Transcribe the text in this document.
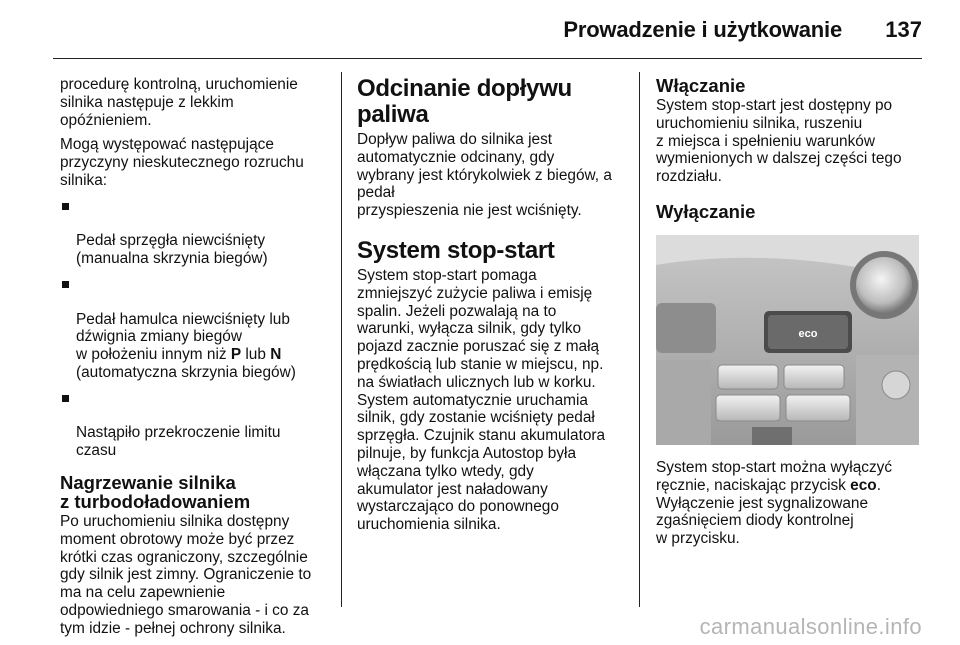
Prowadzenie i użytkowanie 137

procedurę kontrolną, uruchomienie
silnika następuje z lekkim
opóźnieniem.

Mogą występować następujące
przyczyny nieskutecznego rozruchu
silnika:

Pedał sprzęgła niewciśnięty
(manualna skrzynia biegów)

Pedał hamulca niewciśnięty lub
dźwignia zmiany biegów
w położeniu innym niż P lub N
(automatyczna skrzynia biegów)

Nastąpiło przekroczenie limitu
czasu

Nagrzewanie silnika
z turbodoładowaniem

Po uruchomieniu silnika dostępny
moment obrotowy może być przez
krótki czas ograniczony, szczególnie
gdy silnik jest zimny. Ograniczenie to
ma na celu zapewnienie
odpowiedniego smarowania - i co za
tym idzie - pełnej ochrony silnika.

Odcinanie dopływu paliwa

Dopływ paliwa do silnika jest
automatycznie odcinany, gdy
wybrany jest którykolwiek z biegów, a pedał
przyspieszenia nie jest wciśnięty.

System stop-start

System stop-start pomaga
zmniejszyć zużycie paliwa i emisję
spalin. Jeżeli pozwalają na to
warunki, wyłącza silnik, gdy tylko
pojazd zacznie poruszać się z małą
prędkością lub stanie w miejscu, np.
na światłach ulicznych lub w korku.
System automatycznie uruchamia
silnik, gdy zostanie wciśnięty pedał
sprzęgła. Czujnik stanu akumulatora
pilnuje, by funkcja Autostop była
włączana tylko wtedy, gdy
akumulator jest naładowany
wystarczająco do ponownego
uruchomienia silnika.

Włączanie

System stop-start jest dostępny po
uruchomieniu silnika, ruszeniu
z miejsca i spełnieniu warunków
wymienionych w dalszej części tego
rozdziału.

Wyłączanie
eco

System stop-start można wyłączyć
ręcznie, naciskając przycisk eco.
Wyłączenie jest sygnalizowane
zgaśnięciem diody kontrolnej
w przycisku.

carmanualsonline.info
